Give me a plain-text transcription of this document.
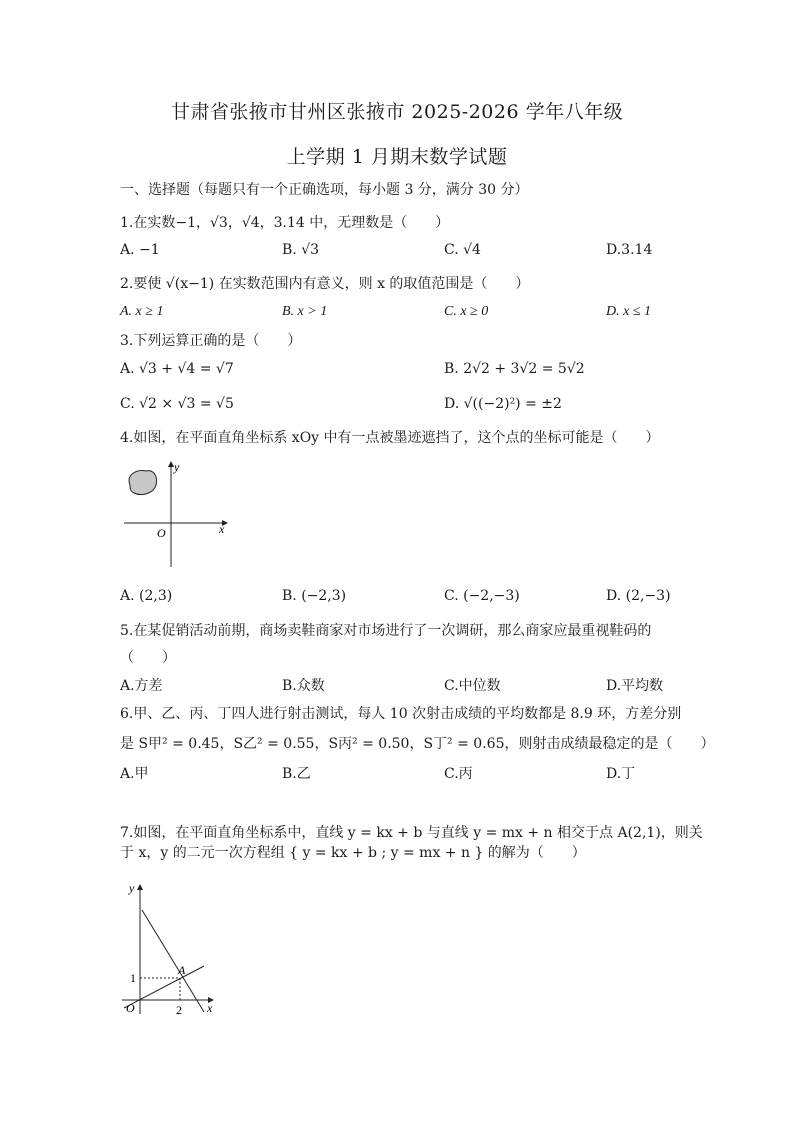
甘肃省张掖市甘州区张掖市 2025-2026 学年八年级
上学期 1 月期末数学试题
一、选择题（每题只有一个正确选项，每小题 3 分，满分 30 分）
1.在实数−1，√3，√4，3.14 中，无理数是（　　）
A. −1	B. √3	C. √4	D.3.14
2.要使 √(x−1) 在实数范围内有意义，则 x 的取值范围是（　　）
A. x ≥ 1	B. x > 1	C. x ≥ 0	D. x ≤ 1
3.下列运算正确的是（　　）
A. √3 + √4 = √7	B. 2√2 + 3√2 = 5√2
C. √2 × √3 = √5	D. √((−2)²) = ±2
4.如图，在平面直角坐标系 xOy 中有一点被墨迹遮挡了，这个点的坐标可能是（　　）
x
y
O
A. (2,3)	B. (−2,3)	C. (−2,−3)	D. (2,−3)
5.在某促销活动前期，商场卖鞋商家对市场进行了一次调研，那么商家应最重视鞋码的
（　　）
A.方差	B.众数	C.中位数	D.平均数
6.甲、乙、丙、丁四人进行射击测试，每人 10 次射击成绩的平均数都是 8.9 环，方差分别
是 S甲² = 0.45，S乙² = 0.55，S丙² = 0.50，S丁² = 0.65，则射击成绩最稳定的是（　　）
A.甲	B.乙	C.丙	D.丁
7.如图，在平面直角坐标系中，直线 y = kx + b 与直线 y = mx + n 相交于点 A(2,1)，则关
于 x，y 的二元一次方程组 { y = kx + b ; y = mx + n } 的解为（　　）
x
y
O
A
2
1
